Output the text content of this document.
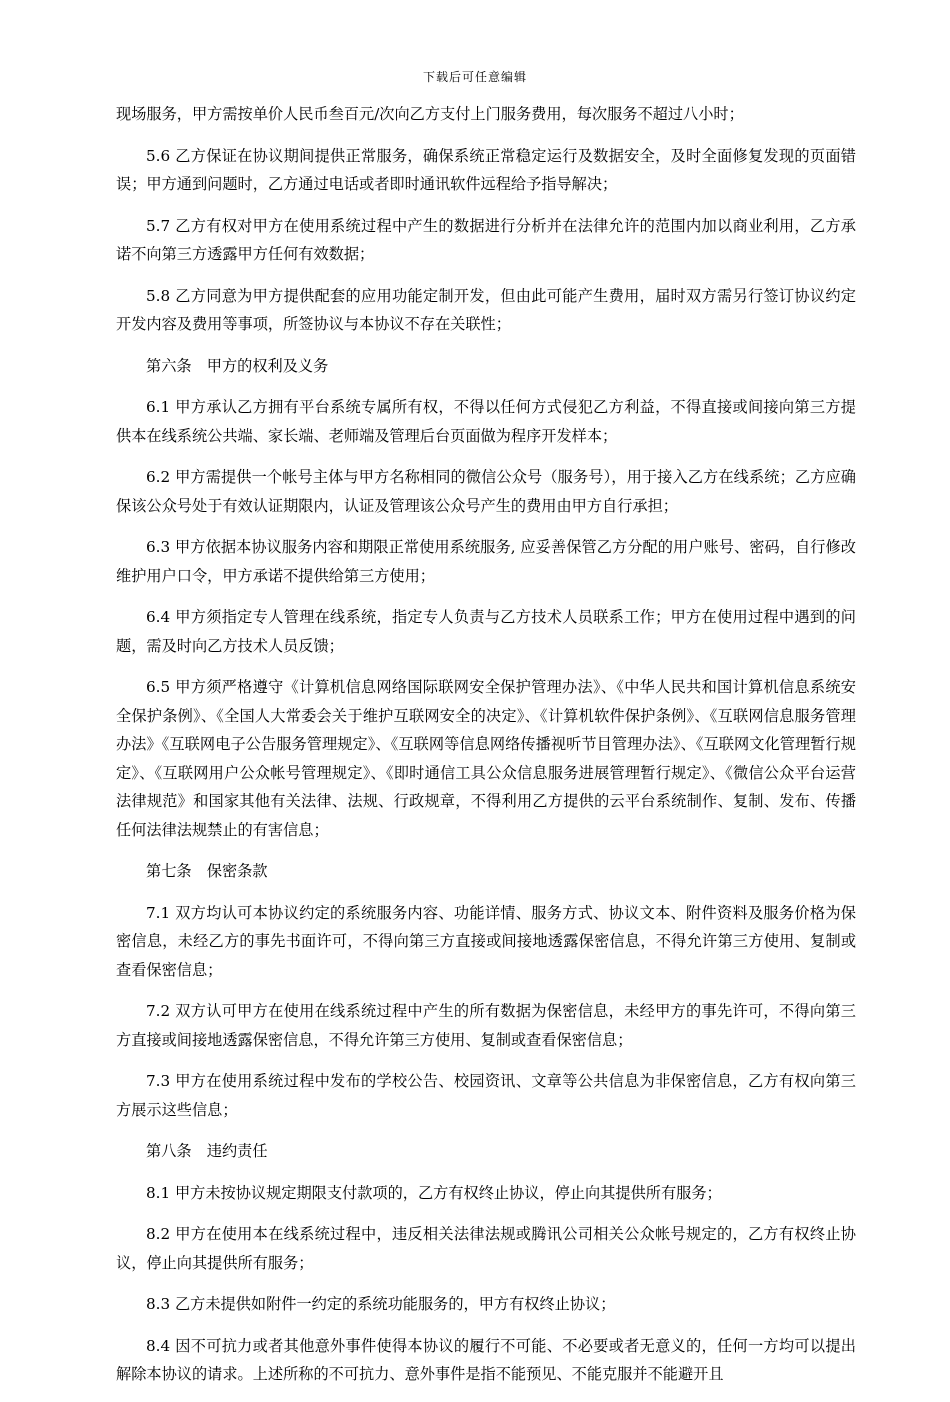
下载后可任意编辑

现场服务，甲方需按单价人民币叁百元/次向乙方支付上门服务费用，每次服务不超过八小时；

5.6 乙方保证在协议期间提供正常服务，确保系统正常稳定运行及数据安全，及时全面修复发现的页面错误；甲方通到问题时，乙方通过电话或者即时通讯软件远程给予指导解决；

5.7 乙方有权对甲方在使用系统过程中产生的数据进行分析并在法律允许的范围内加以商业利用，乙方承诺不向第三方透露甲方任何有效数据；

5.8 乙方同意为甲方提供配套的应用功能定制开发，但由此可能产生费用，届时双方需另行签订协议约定开发内容及费用等事项，所签协议与本协议不存在关联性；

第六条　甲方的权利及义务

6.1 甲方承认乙方拥有平台系统专属所有权，不得以任何方式侵犯乙方利益，不得直接或间接向第三方提供本在线系统公共端、家长端、老师端及管理后台页面做为程序开发样本；

6.2 甲方需提供一个帐号主体与甲方名称相同的微信公众号（服务号），用于接入乙方在线系统；乙方应确保该公众号处于有效认证期限内，认证及管理该公众号产生的费用由甲方自行承担；

6.3 甲方依据本协议服务内容和期限正常使用系统服务, 应妥善保管乙方分配的用户账号、密码，自行修改维护用户口令，甲方承诺不提供给第三方使用；

6.4 甲方须指定专人管理在线系统，指定专人负责与乙方技术人员联系工作；甲方在使用过程中遇到的问题，需及时向乙方技术人员反馈；

6.5 甲方须严格遵守《计算机信息网络国际联网安全保护管理办法》、《中华人民共和国计算机信息系统安全保护条例》、《全国人大常委会关于维护互联网安全的决定》、《计算机软件保护条例》、《互联网信息服务管理办法》《互联网电子公告服务管理规定》、《互联网等信息网络传播视听节目管理办法》、《互联网文化管理暂行规定》、《互联网用户公众帐号管理规定》、《即时通信工具公众信息服务进展管理暂行规定》、《微信公众平台运营法律规范》和国家其他有关法律、法规、行政规章，不得利用乙方提供的云平台系统制作、复制、发布、传播任何法律法规禁止的有害信息；

第七条　保密条款

7.1 双方均认可本协议约定的系统服务内容、功能详情、服务方式、协议文本、附件资料及服务价格为保密信息，未经乙方的事先书面许可，不得向第三方直接或间接地透露保密信息，不得允许第三方使用、复制或查看保密信息；

7.2 双方认可甲方在使用在线系统过程中产生的所有数据为保密信息，未经甲方的事先许可，不得向第三方直接或间接地透露保密信息，不得允许第三方使用、复制或查看保密信息；

7.3 甲方在使用系统过程中发布的学校公告、校园资讯、文章等公共信息为非保密信息，乙方有权向第三方展示这些信息；

第八条　违约责任

8.1 甲方未按协议规定期限支付款项的，乙方有权终止协议，停止向其提供所有服务；

8.2 甲方在使用本在线系统过程中，违反相关法律法规或腾讯公司相关公众帐号规定的，乙方有权终止协议，停止向其提供所有服务；

8.3 乙方未提供如附件一约定的系统功能服务的，甲方有权终止协议；

8.4 因不可抗力或者其他意外事件使得本协议的履行不可能、不必要或者无意义的，任何一方均可以提出解除本协议的请求。上述所称的不可抗力、意外事件是指不能预见、不能克服并不能避开且
